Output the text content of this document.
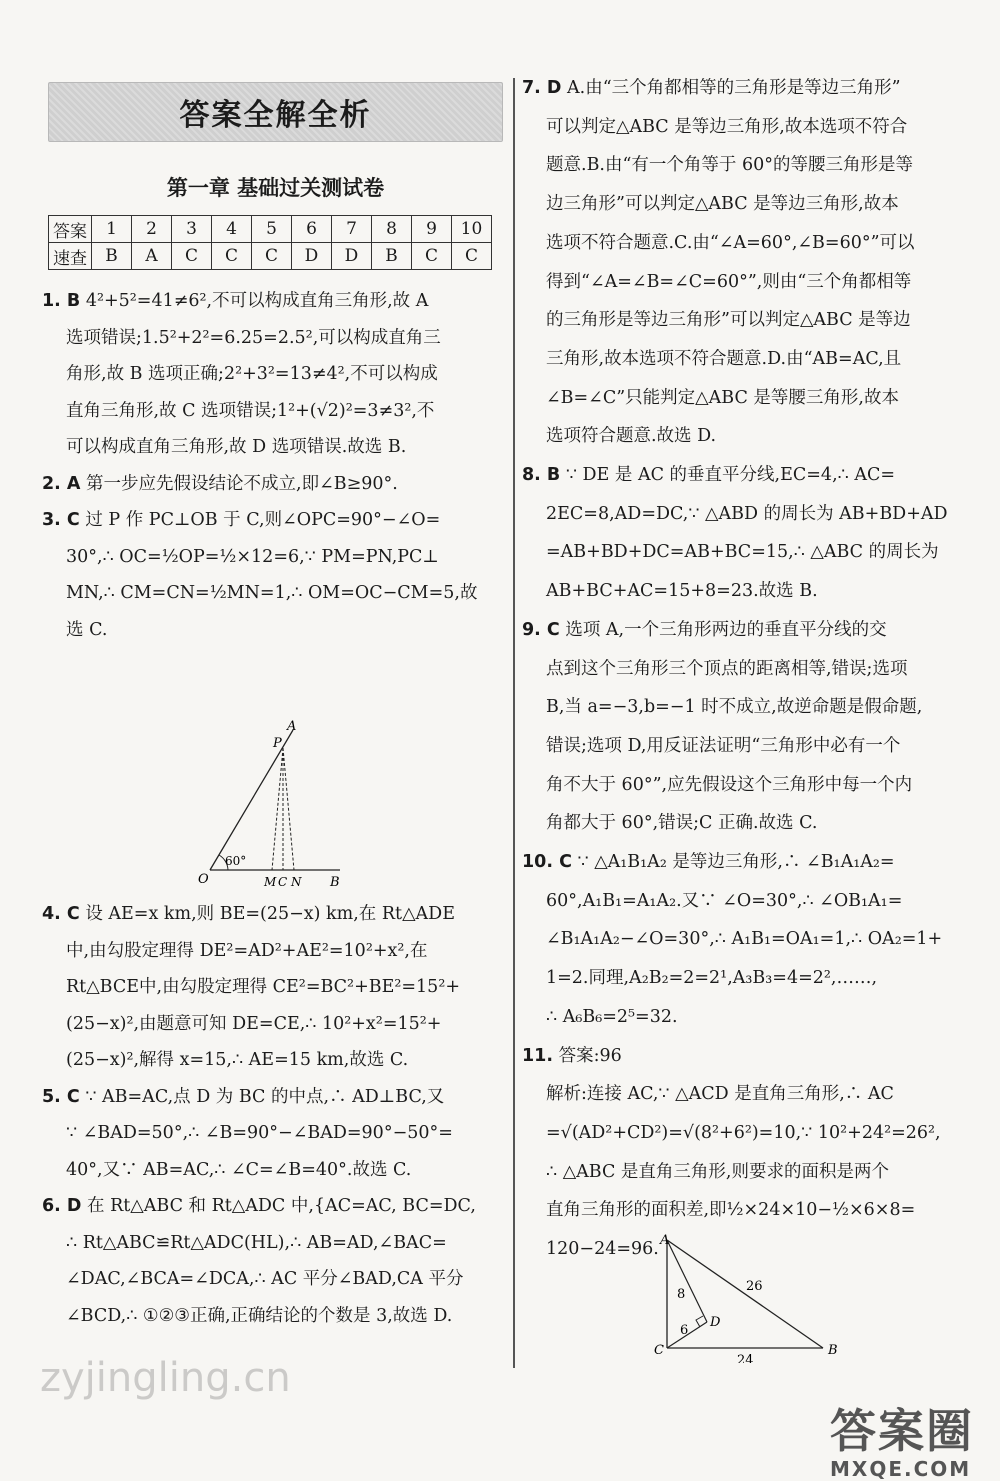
答案全解全析
第一章 基础过关测试卷
答案	1	2	3	4	5	6	7	8	9	10
速查	B	A	C	C	C	D	D	B	C	C
1. B 4²+5²=41≠6²,不可以构成直角三角形,故 A
选项错误;1.5²+2²=6.25=2.5²,可以构成直角三
角形,故 B 选项正确;2²+3²=13≠4²,不可以构成
直角三角形,故 C 选项错误;1²+(√2)²=3≠3²,不
可以构成直角三角形,故 D 选项错误.故选 B.
2. A 第一步应先假设结论不成立,即∠B≥90°.
3. C 过 P 作 PC⊥OB 于 C,则∠OPC=90°−∠O=
30°,∴ OC=½OP=½×12=6,∵ PM=PN,PC⊥
MN,∴ CM=CN=½MN=1,∴ OM=OC−CM=5,故
选 C.
A
P
O
60°
M C N B
4. C 设 AE=x km,则 BE=(25−x) km,在 Rt△ADE
中,由勾股定理得 DE²=AD²+AE²=10²+x²,在
Rt△BCE中,由勾股定理得 CE²=BC²+BE²=15²+
(25−x)²,由题意可知 DE=CE,∴ 10²+x²=15²+
(25−x)²,解得 x=15,∴ AE=15 km,故选 C.
5. C ∵ AB=AC,点 D 为 BC 的中点,∴ AD⊥BC,又
∵ ∠BAD=50°,∴ ∠B=90°−∠BAD=90°−50°=
40°,又∵ AB=AC,∴ ∠C=∠B=40°.故选 C.
6. D 在 Rt△ABC 和 Rt△ADC 中,{AC=AC, BC=DC,
∴ Rt△ABC≌Rt△ADC(HL),∴ AB=AD,∠BAC=
∠DAC,∠BCA=∠DCA,∴ AC 平分∠BAD,CA 平分
∠BCD,∴ ①②③正确,正确结论的个数是 3,故选 D.
7. D A.由“三个角都相等的三角形是等边三角形”
可以判定△ABC 是等边三角形,故本选项不符合
题意.B.由“有一个角等于 60°的等腰三角形是等
边三角形”可以判定△ABC 是等边三角形,故本
选项不符合题意.C.由“∠A=60°,∠B=60°”可以
得到“∠A=∠B=∠C=60°”,则由“三个角都相等
的三角形是等边三角形”可以判定△ABC 是等边
三角形,故本选项不符合题意.D.由“AB=AC,且
∠B=∠C”只能判定△ABC 是等腰三角形,故本
选项符合题意.故选 D.
8. B ∵ DE 是 AC 的垂直平分线,EC=4,∴ AC=
2EC=8,AD=DC,∵ △ABD 的周长为 AB+BD+AD
=AB+BD+DC=AB+BC=15,∴ △ABC 的周长为
AB+BC+AC=15+8=23.故选 B.
9. C 选项 A,一个三角形两边的垂直平分线的交
点到这个三角形三个顶点的距离相等,错误;选项
B,当 a=−3,b=−1 时不成立,故逆命题是假命题,
错误;选项 D,用反证法证明“三角形中必有一个
角不大于 60°”,应先假设这个三角形中每一个内
角都大于 60°,错误;C 正确.故选 C.
10. C ∵ △A₁B₁A₂ 是等边三角形,∴ ∠B₁A₁A₂=
60°,A₁B₁=A₁A₂.又∵ ∠O=30°,∴ ∠OB₁A₁=
∠B₁A₁A₂−∠O=30°,∴ A₁B₁=OA₁=1,∴ OA₂=1+
1=2.同理,A₂B₂=2=2¹,A₃B₃=4=2²,……,
∴ A₆B₆=2⁵=32.
11. 答案:96
解析:连接 AC,∵ △ACD 是直角三角形,∴ AC
=√(AD²+CD²)=√(8²+6²)=10,∵ 10²+24²=26²,
∴ △ABC 是直角三角形,则要求的面积是两个
直角三角形的面积差,即½×24×10−½×6×8=
120−24=96. A
C	B
D
8
6
26
24
zyjingling.cn
答案圈
MXQE.COM
